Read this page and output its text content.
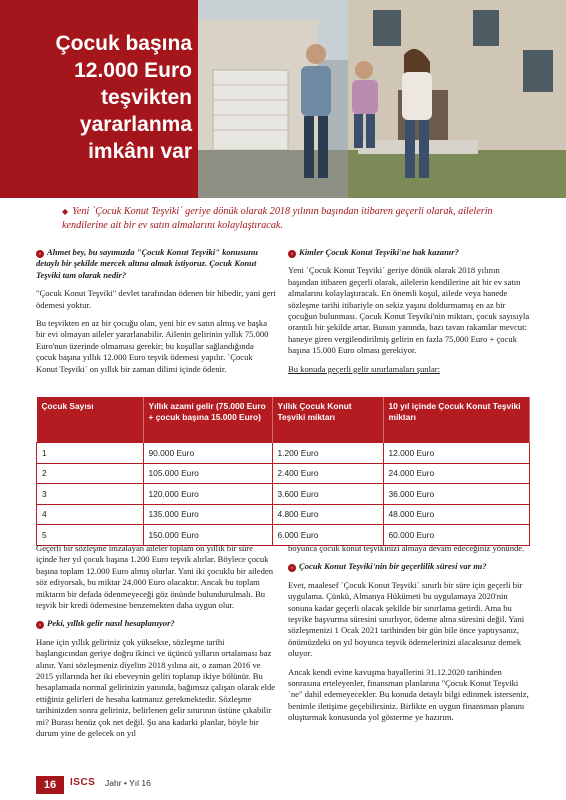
Çocuk başına
12.000 Euro
teşvikten
yararlanma
imkânı var
◆ Yeni `Çocuk Konut Teşviki´ geriye dönük olarak 2018 yılının başından itibaren geçerli olarak, ailelerin kendilerine ait bir ev satın almalarını kolaylaştıracak.

› Ahmet bey, bu sayımızda "Çocuk Konut Teşviki" konusunu detaylı bir şekilde mercek altına almak istiyoruz. Çocuk Konut Teşviki tam olarak nedir?

"Çocuk Konut Teşviki" devlet tarafından ödenen bir hibedir, yani geri ödemesi yoktur.

Bu teşvikten en az bir çocuğu olan, yeni bir ev satın almış ve başka bir evi olmayan aileler yararlanabilir. Ailenin gelirinin yıllık 75.000 Euro'nun üzerinde olmaması gerekir; bu koşullar sağlandığında çocuk başına yıllık 12.000 Euro teşvik ödemesi yapılır. `Çocuk Konut Teşviki´ on yıllık bir zaman dilimi içinde ödenir.

› Kimler Çocuk Konut Teşviki'ne hak kazanır?

Yeni `Çocuk Konut Teşviki´ geriye dönük olarak 2018 yılının başından itibaren geçerli olarak, ailelerin kendilerine ait bir ev satın almalarını kolaylaştıracak. En önemli koşul, ailede veya hanede sözleşme tarihi itibariyle on sekiz yaşını doldurmamış en az bir çocuğun bulunması. Çocuk Konut Teşviki'nin miktarı, çocuk sayısıyla orantılı bir şekilde artar. Bunun yanında, bazı tavan rakamlar mevcut: haneye giren vergilendirilmiş gelirin en fazla 75.000 Euro + çocuk başına 15.000 Euro olması gerekiyor.

Bu konuda geçerli gelir sınırlamaları şunlar:

Çocuk Sayısı	Yıllık azami gelir (75.000 Euro + çocuk başına 15.000 Euro)	Yıllık Çocuk Konut Teşviki miktarı	10 yıl içinde Çocuk Konut Teşviki miktarı
1	90.000 Euro	1.200 Euro	12.000 Euro
2	105.000 Euro	2.400 Euro	24.000 Euro
3	120.000 Euro	3.600 Euro	36.000 Euro
4	135.000 Euro	4.800 Euro	48.000 Euro
5	150.000 Euro	6.000 Euro	60.000 Euro

Geçerli bir sözleşme imzalayan aileler toplam on yıllık bir süre içinde her yıl çocuk başına 1.200 Euro teşvik alırlar. Böylece çocuk başına toplam 12.000 Euro almış olurlar. Yani iki çocuklu bir aileden söz ediyorsak, bu miktar 24.000 Euro olacaktır. Ancak bu toplam miktarın bir defada ödenmeyeceği göz önünde bulundurulmalı. Bu teşvik bir kredi ödemesine benzemekten daha uygun olur.

› Peki, yıllık gelir nasıl hesaplanıyor?

Hane için yıllık geliriniz çok yüksekse, sözleşme tarihi başlangıcından geriye doğru ikinci ve üçüncü yılların ortalaması baz alınır. Yani sözleşmeniz diyelim 2018 yılına ait, o zaman 2016 ve 2015 yıllarında her iki ebeveynin geliri toplanıp ikiye bölünür. Bu hesaplamada normal gelirinizin yanında, bağımsız çalışan olarak elde ettiğiniz gelirleri de hesaba katmanız gerekmektedir. Sözleşme tarihinizden sonra geliriniz, belirlenen gelir sınırının üstüne çıkabilir mi? Burası henüz çok net değil. Şu ana kadarki planlar, böyle bir durum yine de gelecek on yıl

boyunca çocuk konut teşvikinizi almaya devam edeceğiniz yönünde.

› Çocuk Konut Teşviki'nin bir geçerlilik süresi var mı?

Evet, maalesef `Çocuk Konut Teşviki´ sınırlı bir süre için geçerli bir uygulama. Çünkü, Almanya Hükümeti bu uygulamaya 2020'nin sonuna kadar geçerli olacak şekilde bir sınırlama getirdi. Ama bu teşvike başvurma süresini sınırlıyor, ödeme alma süresini değil. Yani sözleşmenizi 1 Ocak 2021 tarihinden bir gün bile önce yaptıysanız, önümüzdeki on yıl boyunca teşvik ödemelerinizi alacaksınız demek oluyor.

Ancak kendi evine kavuşma hayallerini 31.12.2020 tarihinden sonrasına erteleyenler, finansman planlarına "Çocuk Konut Teşviki´ne" dahil edemeyecekler. Bu konuda detaylı bilgi edinmek isterseniz, benimle iletişime geçebilirsiniz. Birlikte en uygun finansman planını oluşturmak konusunda yol gösterme ye hazırım.

16	ISCS Jahr • Yıl 16
